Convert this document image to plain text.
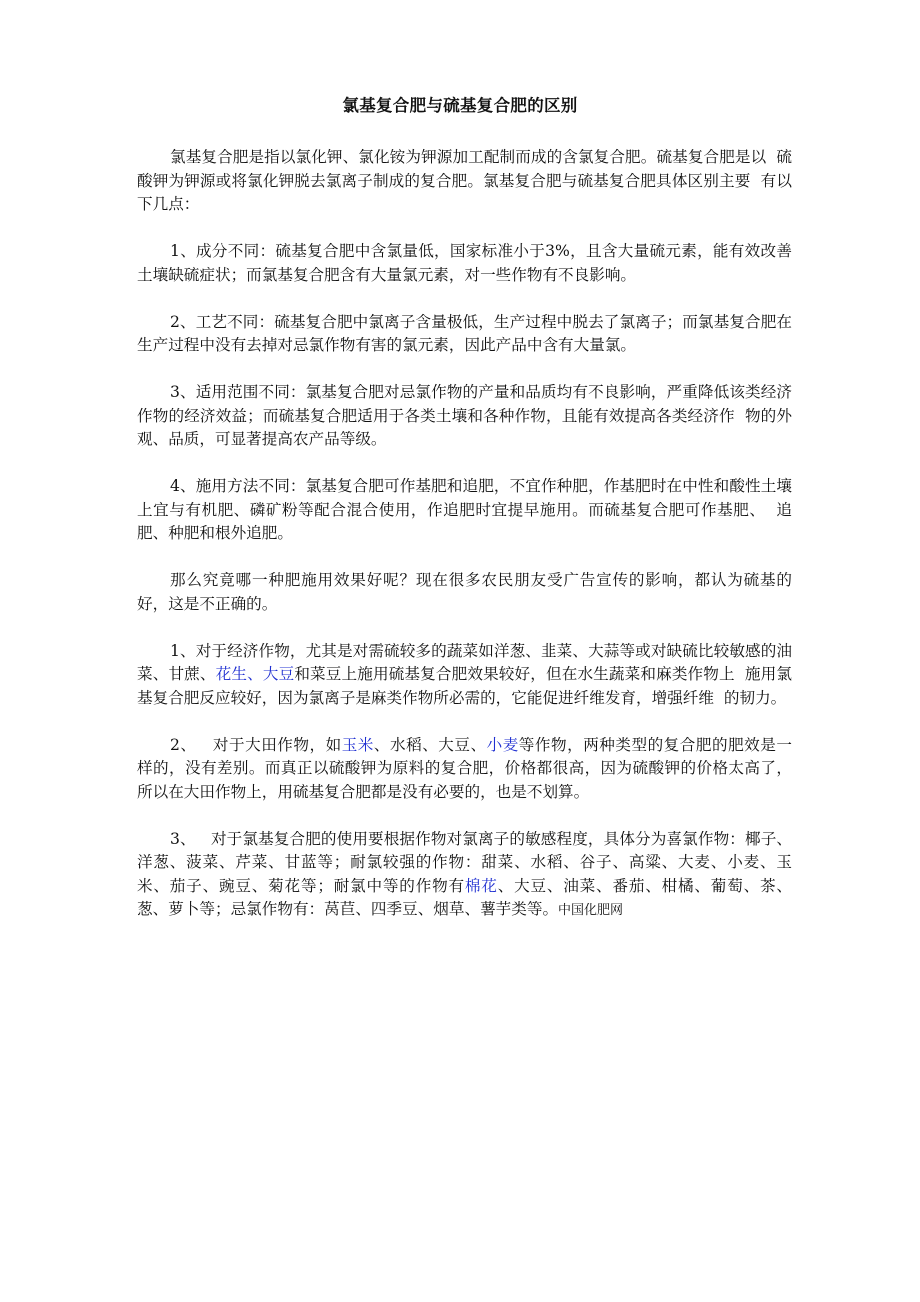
氯基复合肥与硫基复合肥的区别

氯基复合肥是指以氯化钾、氯化铵为钾源加工配制而成的含氯复合肥。硫基复合肥是以  硫酸钾为钾源或将氯化钾脱去氯离子制成的复合肥。氯基复合肥与硫基复合肥具体区别主要  有以下几点：

1、成分不同：硫基复合肥中含氯量低，国家标准小于3%，且含大量硫元素，能有效改善土壤缺硫症状；而氯基复合肥含有大量氯元素，对一些作物有不良影响。

2、工艺不同：硫基复合肥中氯离子含量极低，生产过程中脱去了氯离子；而氯基复合肥在生产过程中没有去掉对忌氯作物有害的氯元素，因此产品中含有大量氯。

3、适用范围不同：氯基复合肥对忌氯作物的产量和品质均有不良影响，严重降低该类经济作物的经济效益；而硫基复合肥适用于各类土壤和各种作物，且能有效提高各类经济作  物的外观、品质，可显著提高农产品等级。

4、施用方法不同：氯基复合肥可作基肥和追肥，不宜作种肥，作基肥时在中性和酸性土壤上宜与有机肥、磷矿粉等配合混合使用，作追肥时宜提早施用。而硫基复合肥可作基肥、  追肥、种肥和根外追肥。

那么究竟哪一种肥施用效果好呢？现在很多农民朋友受广告宣传的影响，都认为硫基的  好，这是不正确的。

1、对于经济作物，尤其是对需硫较多的蔬菜如洋葱、韭菜、大蒜等或对缺硫比较敏感的油菜、甘蔗、花生、大豆和菜豆上施用硫基复合肥效果较好，但在水生蔬菜和麻类作物上  施用氯基复合肥反应较好，因为氯离子是麻类作物所必需的，它能促进纤维发育，增强纤维  的韧力。

2、   对于大田作物，如玉米、水稻、大豆、小麦等作物，两种类型的复合肥的肥效是一  样的，没有差别。而真正以硫酸钾为原料的复合肥，价格都很高，因为硫酸钾的价格太高了，  所以在大田作物上，用硫基复合肥都是没有必要的，也是不划算。

3、   对于氯基复合肥的使用要根据作物对氯离子的敏感程度，具体分为喜氯作物：椰子、  洋葱、菠菜、芹菜、甘蓝等；耐氯较强的作物：甜菜、水稻、谷子、高粱、大麦、小麦、玉  米、茄子、豌豆、菊花等；耐氯中等的作物有棉花、大豆、油菜、番茄、柑橘、葡萄、茶、  葱、萝卜等；忌氯作物有：莴苣、四季豆、烟草、薯芋类等。中国化肥网
